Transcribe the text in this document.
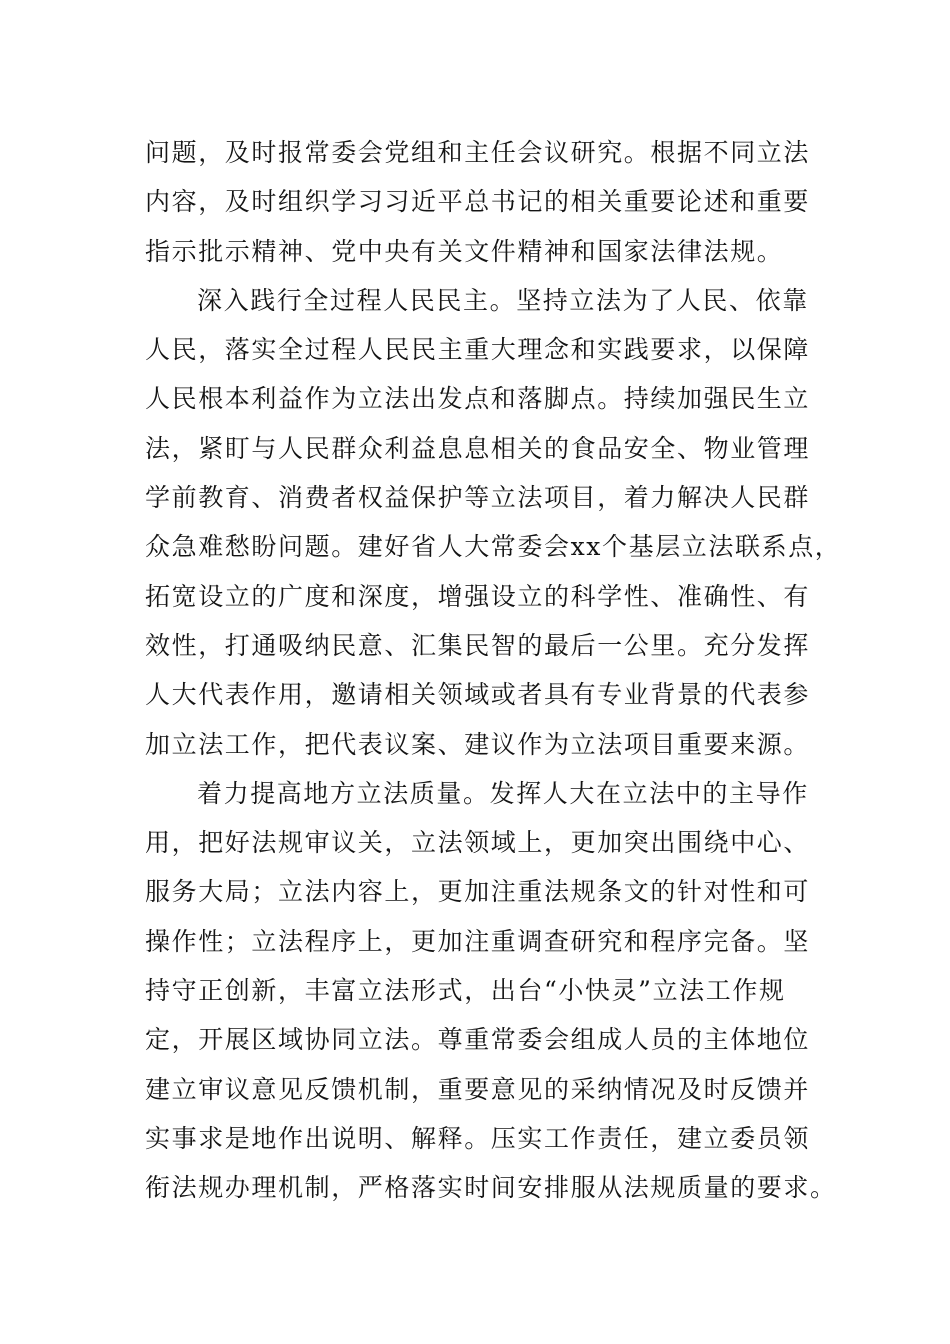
问题，及时报常委会党组和主任会议研究。根据不同立法
内容，及时组织学习习近平总书记的相关重要论述和重要
指示批示精神、党中央有关文件精神和国家法律法规。
深入践行全过程人民民主。坚持立法为了人民、依靠
人民，落实全过程人民民主重大理念和实践要求，以保障
人民根本利益作为立法出发点和落脚点。持续加强民生立
法，紧盯与人民群众利益息息相关的食品安全、物业管理
学前教育、消费者权益保护等立法项目，着力解决人民群
众急难愁盼问题。建好省人大常委会xx个基层立法联系点，
拓宽设立的广度和深度，增强设立的科学性、准确性、有
效性，打通吸纳民意、汇集民智的最后一公里。充分发挥
人大代表作用，邀请相关领域或者具有专业背景的代表参
加立法工作，把代表议案、建议作为立法项目重要来源。
着力提高地方立法质量。发挥人大在立法中的主导作
用，把好法规审议关，立法领域上，更加突出围绕中心、
服务大局；立法内容上，更加注重法规条文的针对性和可
操作性；立法程序上，更加注重调查研究和程序完备。坚
持守正创新，丰富立法形式，出台“小快灵”立法工作规
定，开展区域协同立法。尊重常委会组成人员的主体地位
建立审议意见反馈机制，重要意见的采纳情况及时反馈并
实事求是地作出说明、解释。压实工作责任，建立委员领
衔法规办理机制，严格落实时间安排服从法规质量的要求。
